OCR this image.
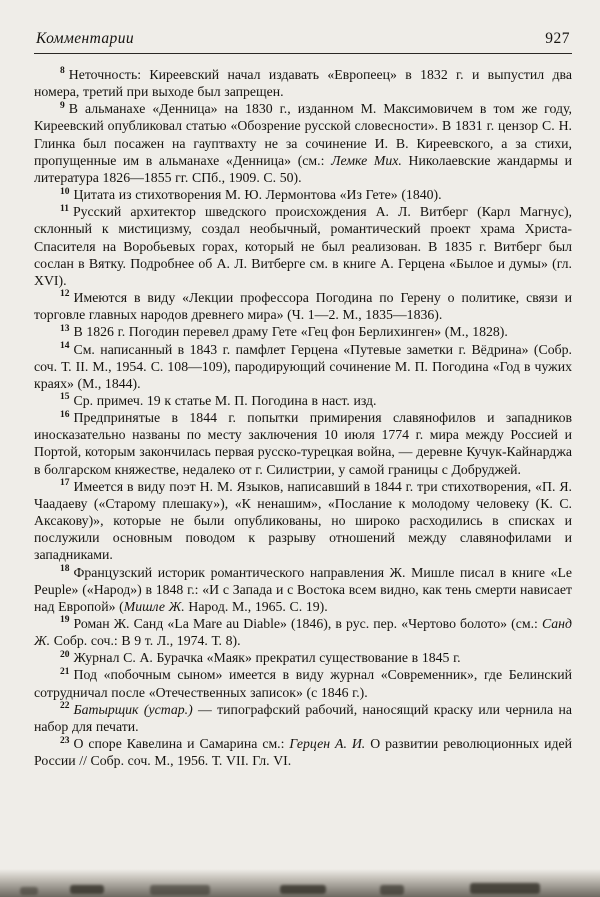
Комментарии	927

$^8$ Неточность: Киреевский начал издавать «Европеец» в 1832 г. и выпустил два номера, третий при выходе был запрещен.

$^9$ В альманахе «Денница» на 1830 г., изданном М. Максимовичем в том же году, Киреевский опубликовал статью «Обозрение русской словесности». В 1831 г. цензор С. Н. Глинка был посажен на гауптвахту не за сочинение И. В. Киреевского, а за стихи, пропущенные им в альманахе «Денница» (см.: Лемке Мих. Николаевские жандармы и литература 1826—1855 гг. СПб., 1909. С. 50).

$^{10}$ Цитата из стихотворения М. Ю. Лермонтова «Из Гете» (1840).

$^{11}$ Русский архитектор шведского происхождения А. Л. Витберг (Карл Магнус), склонный к мистицизму, создал необычный, романтический проект храма Христа-Спасителя на Воробьевых горах, который не был реализован. В 1835 г. Витберг был сослан в Вятку. Подробнее об А. Л. Витберге см. в книге А. Герцена «Былое и думы» (гл. XVI).

$^{12}$ Имеются в виду «Лекции профессора Погодина по Герену о политике, связи и торговле главных народов древнего мира» (Ч. 1—2. М., 1835—1836).

$^{13}$ В 1826 г. Погодин перевел драму Гете «Гец фон Берлихинген» (М., 1828).

$^{14}$ См. написанный в 1843 г. памфлет Герцена «Путевые заметки г. Вёдрина» (Собр. соч. Т. II. М., 1954. С. 108—109), пародирующий сочинение М. П. Погодина «Год в чужих краях» (М., 1844).

$^{15}$ Ср. примеч. 19 к статье М. П. Погодина в наст. изд.

$^{16}$ Предпринятые в 1844 г. попытки примирения славянофилов и западников иносказательно названы по месту заключения 10 июля 1774 г. мира между Россией и Портой, которым закончилась первая русско-турецкая война, — деревне Кучук-Кайнарджа в болгарском княжестве, недалеко от г. Силистрии, у самой границы с Добруджей.

$^{17}$ Имеется в виду поэт Н. М. Языков, написавший в 1844 г. три стихотворения, «П. Я. Чаадаеву («Старому плешаку»), «К ненашим», «Послание к молодому человеку (К. С. Аксакову)», которые не были опубликованы, но широко расходились в списках и послужили основным поводом к разрыву отношений между славянофилами и западниками.

$^{18}$ Французский историк романтического направления Ж. Мишле писал в книге «Le Peuple» («Народ») в 1848 г.: «И с Запада и с Востока всем видно, как тень смерти нависает над Европой» (Мишле Ж. Народ. М., 1965. С. 19).

$^{19}$ Роман Ж. Санд «La Mare au Diable» (1846), в рус. пер. «Чертово болото» (см.: Санд Ж. Собр. соч.: В 9 т. Л., 1974. Т. 8).

$^{20}$ Журнал С. А. Бурачка «Маяк» прекратил существование в 1845 г.

$^{21}$ Под «побочным сыном» имеется в виду журнал «Современник», где Белинский сотрудничал после «Отечественных записок» (с 1846 г.).

$^{22}$ Батырщик (устар.) — типографский рабочий, наносящий краску или чернила на набор для печати.

$^{23}$ О споре Кавелина и Самарина см.: Герцен А. И. О развитии революционных идей России // Собр. соч. М., 1956. Т. VII. Гл. VI.
